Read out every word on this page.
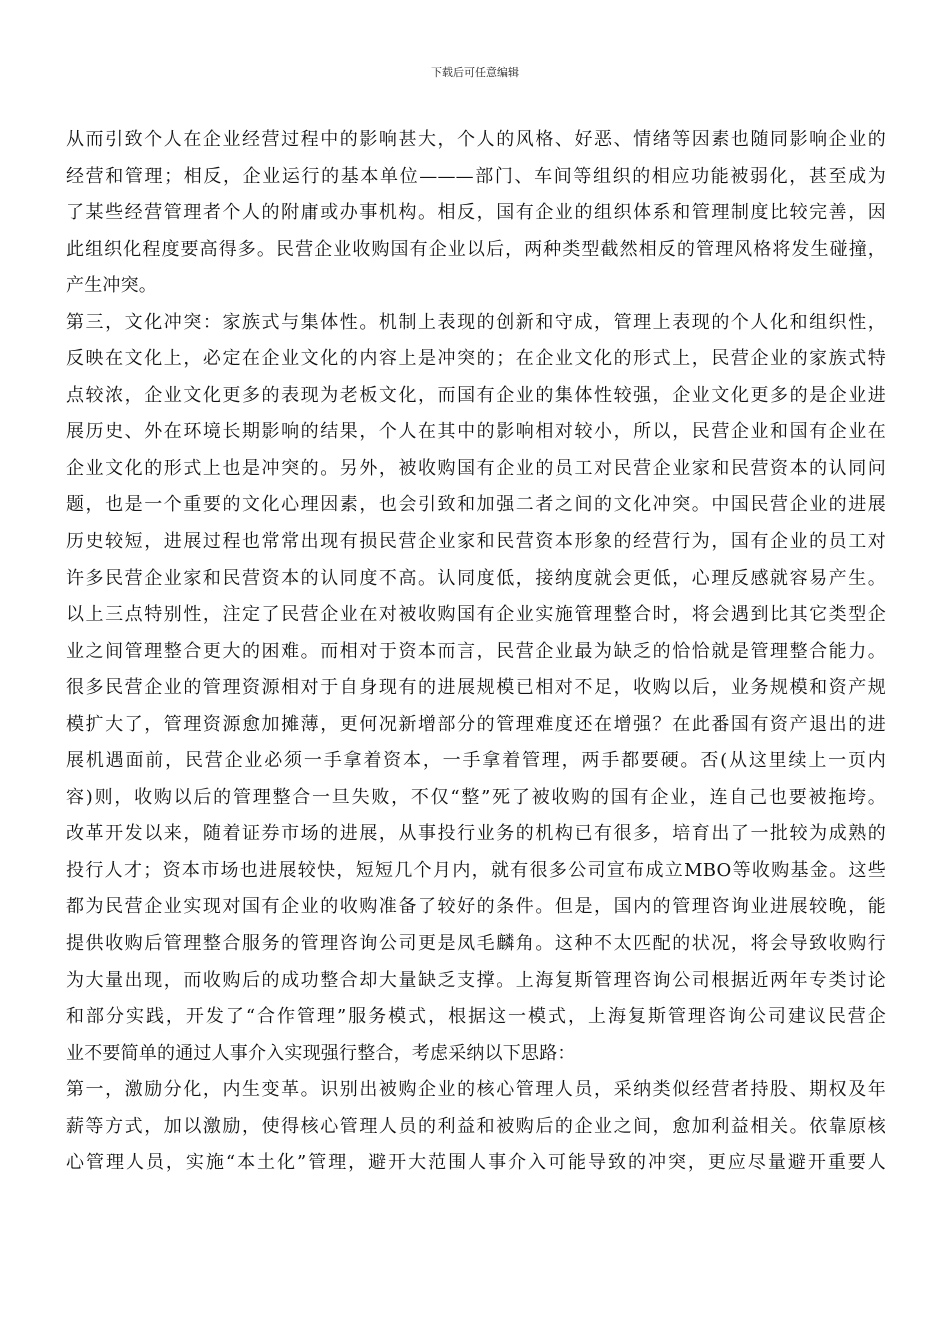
下载后可任意编辑
从而引致个人在企业经营过程中的影响甚大，个人的风格、好恶、情绪等因素也随同影响企业的
经营和管理；相反，企业运行的基本单位———部门、车间等组织的相应功能被弱化，甚至成为
了某些经营管理者个人的附庸或办事机构。相反，国有企业的组织体系和管理制度比较完善，因
此组织化程度要高得多。民营企业收购国有企业以后，两种类型截然相反的管理风格将发生碰撞，
产生冲突。
第三，文化冲突：家族式与集体性。机制上表现的创新和守成，管理上表现的个人化和组织性，
反映在文化上，必定在企业文化的内容上是冲突的；在企业文化的形式上，民营企业的家族式特
点较浓，企业文化更多的表现为老板文化，而国有企业的集体性较强，企业文化更多的是企业进
展历史、外在环境长期影响的结果，个人在其中的影响相对较小，所以，民营企业和国有企业在
企业文化的形式上也是冲突的。另外，被收购国有企业的员工对民营企业家和民营资本的认同问
题，也是一个重要的文化心理因素，也会引致和加强二者之间的文化冲突。中国民营企业的进展
历史较短，进展过程也常常出现有损民营企业家和民营资本形象的经营行为，国有企业的员工对
许多民营企业家和民营资本的认同度不高。认同度低，接纳度就会更低，心理反感就容易产生。
以上三点特别性，注定了民营企业在对被收购国有企业实施管理整合时，将会遇到比其它类型企
业之间管理整合更大的困难。而相对于资本而言，民营企业最为缺乏的恰恰就是管理整合能力。
很多民营企业的管理资源相对于自身现有的进展规模已相对不足，收购以后，业务规模和资产规
模扩大了，管理资源愈加摊薄，更何况新增部分的管理难度还在增强？在此番国有资产退出的进
展机遇面前，民营企业必须一手拿着资本，一手拿着管理，两手都要硬。否(从这里续上一页内
容)则，收购以后的管理整合一旦失败，不仅“整”死了被收购的国有企业，连自己也要被拖垮。
改革开发以来，随着证券市场的进展，从事投行业务的机构已有很多，培育出了一批较为成熟的
投行人才；资本市场也进展较快，短短几个月内，就有很多公司宣布成立MBO等收购基金。这些
都为民营企业实现对国有企业的收购准备了较好的条件。但是，国内的管理咨询业进展较晚，能
提供收购后管理整合服务的管理咨询公司更是凤毛麟角。这种不太匹配的状况，将会导致收购行
为大量出现，而收购后的成功整合却大量缺乏支撑。上海复斯管理咨询公司根据近两年专类讨论
和部分实践，开发了“合作管理”服务模式，根据这一模式，上海复斯管理咨询公司建议民营企
业不要简单的通过人事介入实现强行整合，考虑采纳以下思路：
第一，激励分化，内生变革。识别出被购企业的核心管理人员，采纳类似经营者持股、期权及年
薪等方式，加以激励，使得核心管理人员的利益和被购后的企业之间，愈加利益相关。依靠原核
心管理人员，实施“本土化”管理，避开大范围人事介入可能导致的冲突，更应尽量避开重要人
